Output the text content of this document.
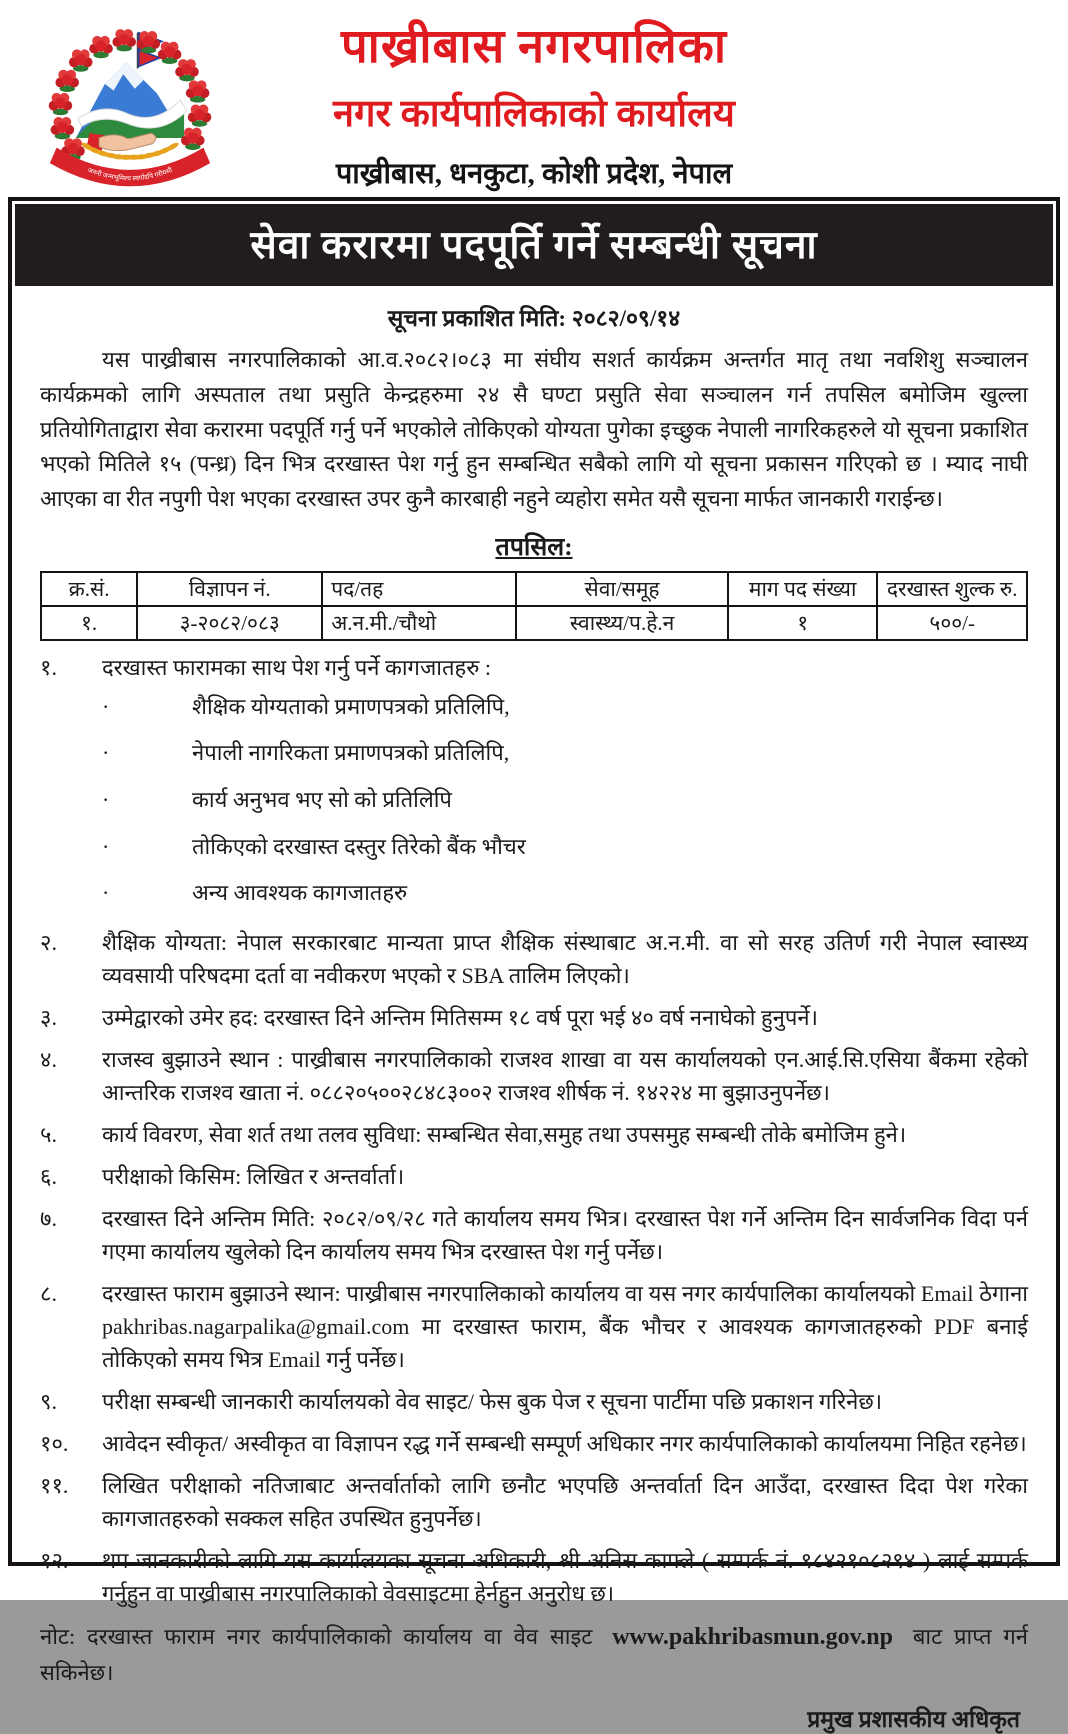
जननी जन्मभूमिश्च स्वर्गादपि गरीयसी
पाख्रीबास नगरपालिका
नगर कार्यपालिकाको कार्यालय
पाख्रीबास, धनकुटा, कोशी प्रदेश, नेपाल
सेवा करारमा पदपूर्ति गर्ने सम्बन्धी सूचना
सूचना प्रकाशित मिति: २०८२/०९/१४

यस पाख्रीबास नगरपालिकाको आ.व.२०८२।०८३ मा संघीय सशर्त कार्यक्रम अन्तर्गत मातृ तथा नवशिशु सञ्चालन कार्यक्रमको लागि अस्पताल तथा प्रसुति केन्द्रहरुमा २४ सै घण्टा प्रसुति सेवा सञ्चालन गर्न तपसिल बमोजिम खुल्ला प्रतियोगिताद्वारा सेवा करारमा पदपूर्ति गर्नु पर्ने भएकोले तोकिएको योग्यता पुगेका इच्छुक नेपाली नागरिकहरुले यो सूचना प्रकाशित भएको मितिले १५ (पन्ध्र) दिन भित्र दरखास्त पेश गर्नु हुन सम्बन्धित सबैको लागि यो सूचना प्रकासन गरिएको छ । म्याद नाघी आएका वा रीत नपुगी पेश भएका दरखास्त उपर कुनै कारबाही नहुने व्यहोरा समेत यसै सूचना मार्फत जानकारी गराईन्छ।

तपसिल:
क्र.सं.	विज्ञापन नं.	पद/तह	सेवा/समूह	माग पद संख्या	दरखास्त शुल्क रु.
१.	३-२०८२/०८३	अ.न.मी./चौथो	स्वास्थ्य/प.हे.न	१	५००/-
१.	दरखास्त फारामका साथ पेश गर्नु पर्ने कागजातहरु :
·	शैक्षिक योग्यताको प्रमाणपत्रको प्रतिलिपि,
·	नेपाली नागरिकता प्रमाणपत्रको प्रतिलिपि,
·	कार्य अनुभव भए सो को प्रतिलिपि
·	तोकिएको दरखास्त दस्तुर तिरेको बैंक भौचर
·	अन्य आवश्यक कागजातहरु
२.	शैक्षिक योग्यता: नेपाल सरकारबाट मान्यता प्राप्त शैक्षिक संस्थाबाट अ.न.मी. वा सो सरह उतिर्ण गरी नेपाल स्वास्थ्य व्यवसायी परिषदमा दर्ता वा नवीकरण भएको र SBA तालिम लिएको।
३.	उम्मेद्वारको उमेर हद: दरखास्त दिने अन्तिम मितिसम्म १८ वर्ष पूरा भई ४० वर्ष ननाघेको हुनुपर्ने।
४.	राजस्व बुझाउने स्थान : पाख्रीबास नगरपालिकाको राजश्व शाखा वा यस कार्यालयको एन.आई.सि.एसिया बैंकमा रहेको आन्तरिक राजश्व खाता नं. ०८८२०५००२८४८३००२ राजश्व शीर्षक नं. १४२२४ मा बुझाउनुपर्नेछ।
५.	कार्य विवरण, सेवा शर्त तथा तलव सुविधा: सम्बन्धित सेवा,समुह तथा उपसमुह सम्बन्धी तोके बमोजिम हुने।
६.	परीक्षाको किसिम: लिखित र अन्तर्वार्ता।
७.	दरखास्त दिने अन्तिम मिति: २०८२/०९/२८ गते कार्यालय समय भित्र। दरखास्त पेश गर्ने अन्तिम दिन सार्वजनिक विदा पर्न गएमा कार्यालय खुलेको दिन कार्यालय समय भित्र दरखास्त पेश गर्नु पर्नेछ।
८.	दरखास्त फाराम बुझाउने स्थान: पाख्रीबास नगरपालिकाको कार्यालय वा यस नगर कार्यपालिका कार्यालयको Email ठेगाना pakhribas.nagarpalika@gmail.com मा दरखास्त फाराम, बैंक भौचर र आवश्यक कागजातहरुको PDF बनाई तोकिएको समय भित्र Email गर्नु पर्नेछ।
९.	परीक्षा सम्बन्धी जानकारी कार्यालयको वेव साइट/ फेस बुक पेज र सूचना पार्टीमा पछि प्रकाशन गरिनेछ।
१०.	आवेदन स्वीकृत/ अस्वीकृत वा विज्ञापन रद्ध गर्ने सम्बन्धी सम्पूर्ण अधिकार नगर कार्यपालिकाको कार्यालयमा निहित रहनेछ।
११.	लिखित परीक्षाको नतिजाबाट अन्तर्वार्ताको लागि छनौट भएपछि अन्तर्वार्ता दिन आउँदा, दरखास्त दिदा पेश गरेका कागजातहरुको सक्कल सहित उपस्थित हुनुपर्नेछ।
१२.	थप जानकारीको लागि यस कार्यालयका सूचना अधिकारी, श्री अनिस काफ्ले ( सम्पर्क नं. ९८४२१०८२९४ ) लाई सम्पर्क गर्नुहुन वा पाख्रीबास नगरपालिकाको वेवसाइटमा हेर्नहुन अनुरोध छ।
नोट: दरखास्त फाराम नगर कार्यपालिकाको कार्यालय वा वेव साइट www.pakhribasmun.gov.np बाट प्राप्त गर्न सकिनेछ।
प्रमुख प्रशासकीय अधिकृत
